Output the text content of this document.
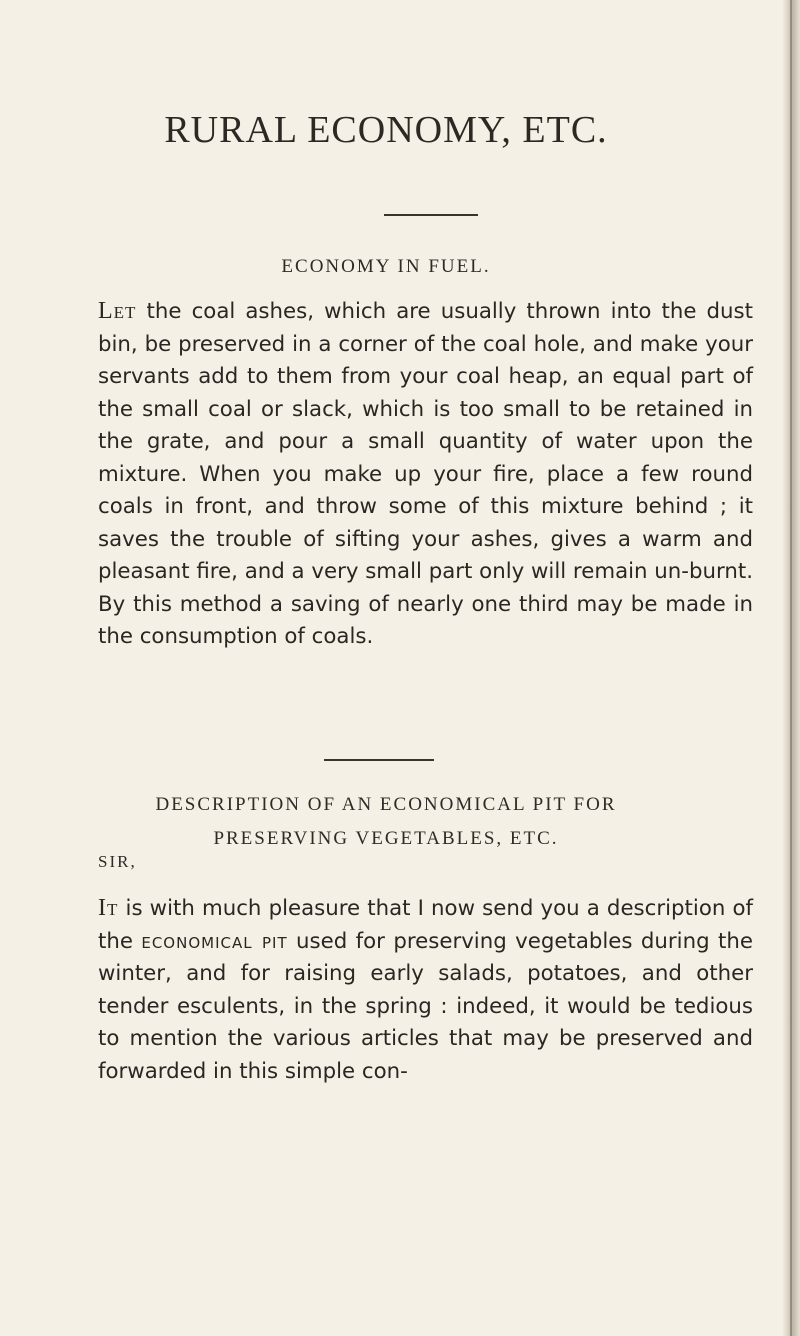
RURAL ECONOMY, ETC.
ECONOMY IN FUEL.
Let the coal ashes, which are usually thrown into the dust bin, be preserved in a corner of the coal hole, and make your servants add to them from your coal heap, an equal part of the small coal or slack, which is too small to be retained in the grate, and pour a small quantity of water upon the mixture. When you make up your fire, place a few round coals in front, and throw some of this mixture behind ; it saves the trouble of sifting your ashes, gives a warm and pleasant fire, and a very small part only will remain un-burnt. By this method a saving of nearly one third may be made in the consumption of coals.
DESCRIPTION OF AN ECONOMICAL PIT FOR
PRESERVING VEGETABLES, ETC.
SIR,
It is with much pleasure that I now send you a description of the economical pit used for preserving vegetables during the winter, and for raising early salads, potatoes, and other tender esculents, in the spring : indeed, it would be tedious to mention the various articles that may be preserved and forwarded in this simple con-
